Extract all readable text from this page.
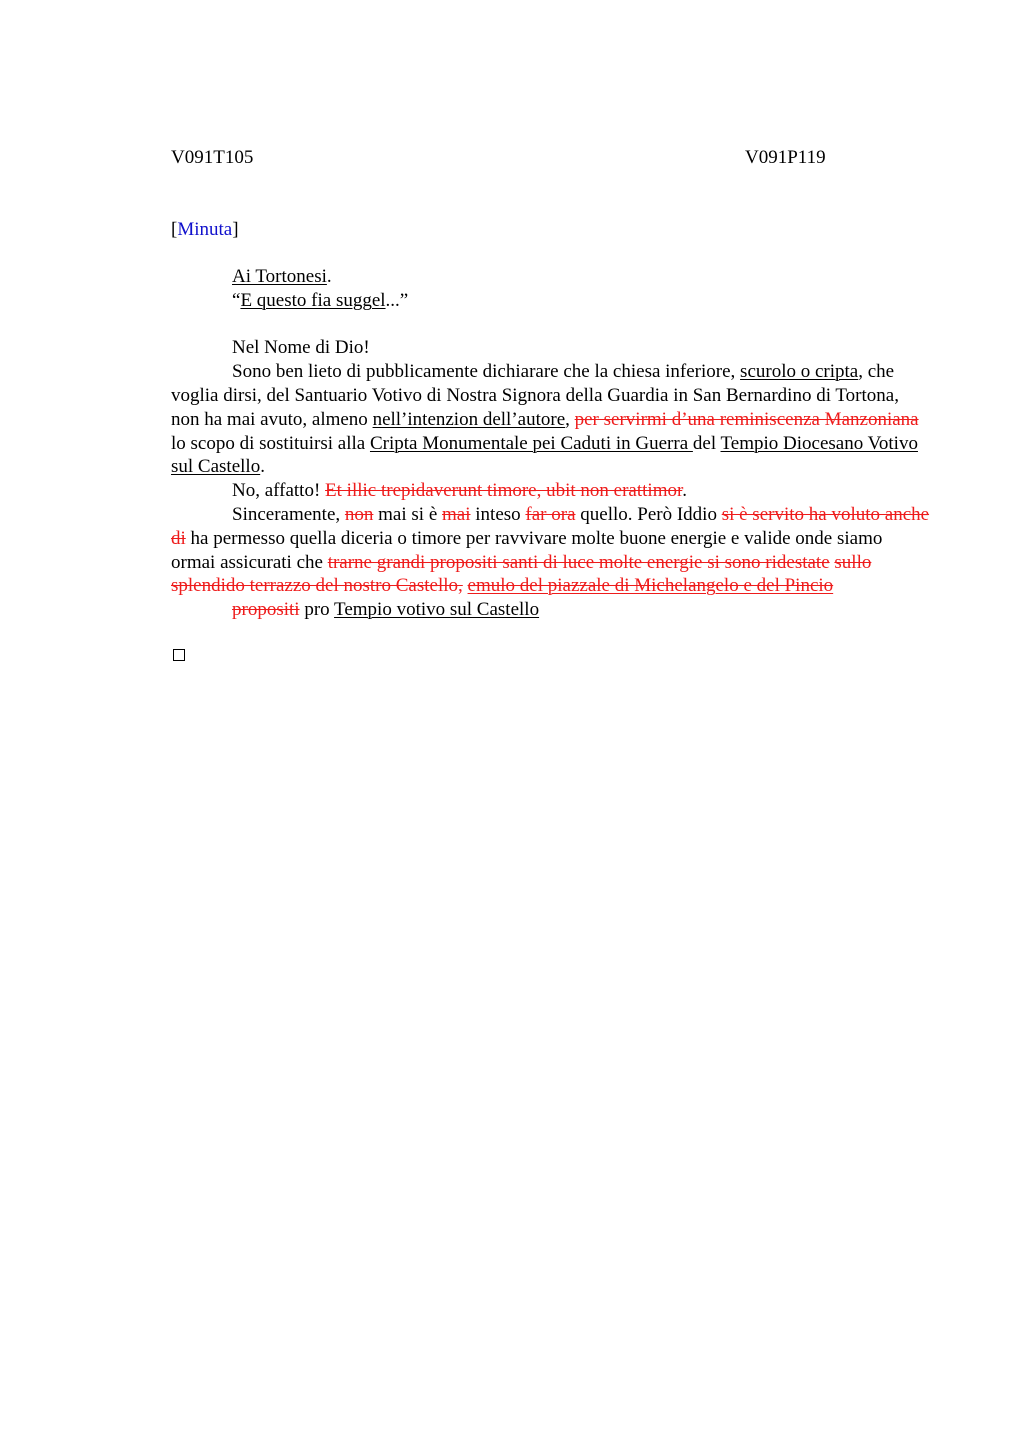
V091T105	V091P119
[Minuta]

Ai Tortonesi.

“E questo fia suggel...”

Nel Nome di Dio!

Sono ben lieto di pubblicamente dichiarare che la chiesa inferiore, scurolo o cripta, che voglia dirsi, del Santuario Votivo di Nostra Signora della Guardia in San Bernardino di Tortona, non ha mai avuto, almeno nell’intenzion dell’autore, per servirmi d’una reminiscenza Manzoniana lo scopo di sostituirsi alla Cripta Monumentale pei Caduti in Guerra del Tempio Diocesano Votivo sul Castello.

No, affatto! Et illic trepidaverunt timore, ubit non erattimor.

Sinceramente, non mai si è mai inteso far ora quello. Però Iddio si è servito ha voluto anche di ha permesso quella diceria o timore per ravvivare molte buone energie e valide onde siamo ormai assicurati che trarne grandi propositi santi di luce molte energie si sono ridestate sullo splendido terrazzo del nostro Castello, emulo del piazzale di Michelangelo e del Pincio

propositi pro Tempio votivo sul Castello
